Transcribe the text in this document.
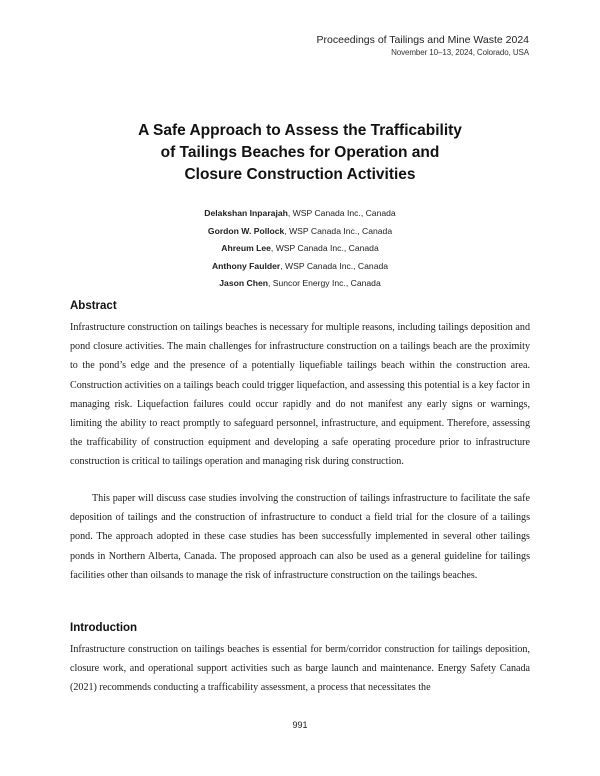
Proceedings of Tailings and Mine Waste 2024
November 10–13, 2024, Colorado, USA
A Safe Approach to Assess the Trafficability
of Tailings Beaches for Operation and
Closure Construction Activities
Delakshan Inparajah, WSP Canada Inc., Canada
Gordon W. Pollock, WSP Canada Inc., Canada
Ahreum Lee, WSP Canada Inc., Canada
Anthony Faulder, WSP Canada Inc., Canada
Jason Chen, Suncor Energy Inc., Canada
Abstract

Infrastructure construction on tailings beaches is necessary for multiple reasons, including tailings deposition and pond closure activities. The main challenges for infrastructure construction on a tailings beach are the proximity to the pond’s edge and the presence of a potentially liquefiable tailings beach within the construction area. Construction activities on a tailings beach could trigger liquefaction, and assessing this potential is a key factor in managing risk. Liquefaction failures could occur rapidly and do not manifest any early signs or warnings, limiting the ability to react promptly to safeguard personnel, infrastructure, and equipment. Therefore, assessing the trafficability of construction equipment and developing a safe operating procedure prior to infrastructure construction is critical to tailings operation and managing risk during construction.

This paper will discuss case studies involving the construction of tailings infrastructure to facilitate the safe deposition of tailings and the construction of infrastructure to conduct a field trial for the closure of a tailings pond. The approach adopted in these case studies has been successfully implemented in several other tailings ponds in Northern Alberta, Canada. The proposed approach can also be used as a general guideline for tailings facilities other than oilsands to manage the risk of infrastructure construction on the tailings beaches.

Introduction

Infrastructure construction on tailings beaches is essential for berm/corridor construction for tailings deposition, closure work, and operational support activities such as barge launch and maintenance. Energy Safety Canada (2021) recommends conducting a trafficability assessment, a process that necessitates the

991
